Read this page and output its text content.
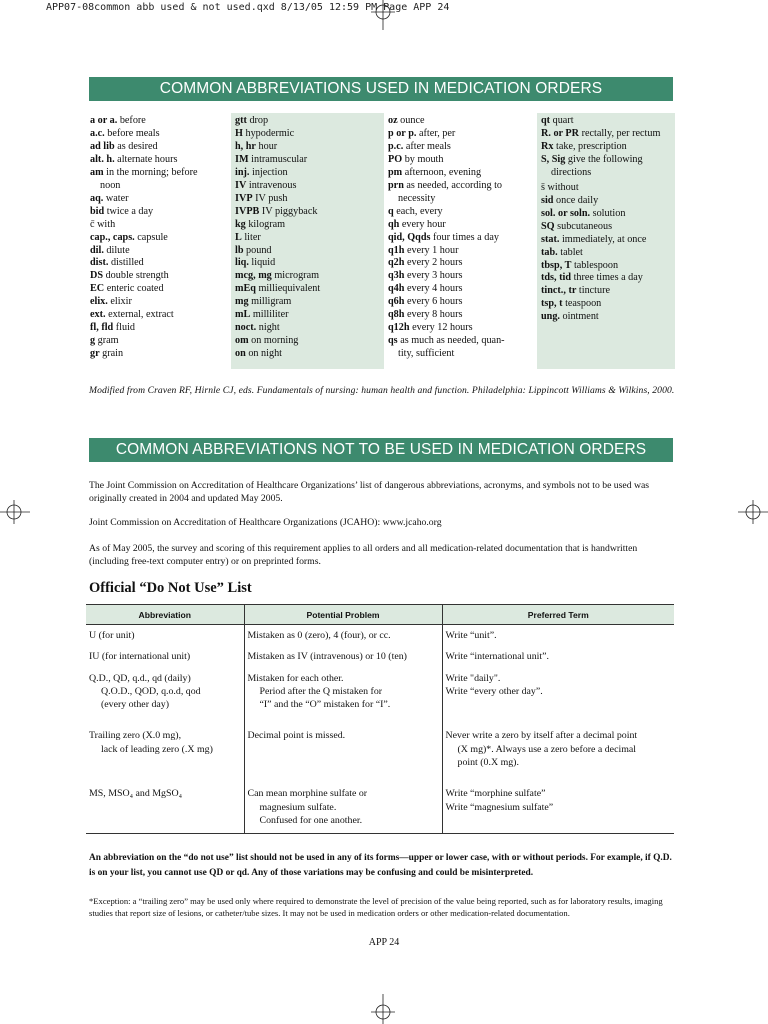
APP07-08common abb used & not used.qxd 8/13/05 12:59 PM Page APP 24
COMMON ABBREVIATIONS USED IN MEDICATION ORDERS
a or a. before
a.c. before meals
ad lib as desired
alt. h. alternate hours
am in the morning; before
noon
aq. water
bid twice a day
c̄ with
cap., caps. capsule
dil. dilute
dist. distilled
DS double strength
EC enteric coated
elix. elixir
ext. external, extract
fl, fld fluid
g gram
gr grain
gtt drop
H hypodermic
h, hr hour
IM intramuscular
inj. injection
IV intravenous
IVP IV push
IVPB IV piggyback
kg kilogram
L liter
lb pound
liq. liquid
mcg, mg microgram
mEq milliequivalent
mg milligram
mL milliliter
noct. night
om on morning
on on night
oz ounce
p or p. after, per
p.c. after meals
PO by mouth
pm afternoon, evening
prn as needed, according to
necessity
q each, every
qh every hour
qid, Qqds four times a day
q1h every 1 hour
q2h every 2 hours
q3h every 3 hours
q4h every 4 hours
q6h every 6 hours
q8h every 8 hours
q12h every 12 hours
qs as much as needed, quan-
tity, sufficient
qt quart
R. or PR rectally, per rectum
Rx take, prescription
S, Sig give the following
directions
s̄ without
sid once daily
sol. or soln. solution
SQ subcutaneous
stat. immediately, at once
tab. tablet
tbsp, T tablespoon
tds, tid three times a day
tinct., tr tincture
tsp, t teaspoon
ung. ointment
Modified from Craven RF, Hirnle CJ, eds. Fundamentals of nursing: human health and function. Philadelphia: Lippincott Williams & Wilkins, 2000.
COMMON ABBREVIATIONS NOT TO BE USED IN MEDICATION ORDERS
The Joint Commission on Accreditation of Healthcare Organizations’ list of dangerous abbreviations, acronyms, and symbols not to be used was originally created in 2004 and updated May 2005.
Joint Commission on Accreditation of Healthcare Organizations (JCAHO): www.jcaho.org
As of May 2005, the survey and scoring of this requirement applies to all orders and all medication-related documentation that is handwritten (including free-text computer entry) or on preprinted forms.
Official “Do Not Use” List
Abbreviation	Potential Problem	Preferred Term

U (for unit)	Mistaken as 0 (zero), 4 (four), or cc.	Write “unit”.

IU (for international unit)	Mistaken as IV (intravenous) or 10 (ten)	Write “international unit”.

Q.D., QD, q.d., qd (daily)
Q.O.D., QOD, q.o.d, qod
(every other day)	Mistaken for each other.
Period after the Q mistaken for
“I” and the “O” mistaken for “I”.	Write "daily".
Write “every other day”.

Trailing zero (X.0 mg),
lack of leading zero (.X mg)	Decimal point is missed.	Never write a zero by itself after a decimal point
(X mg)*. Always use a zero before a decimal
point (0.X mg).

MS, MSO₄ and MgSO₄	Can mean morphine sulfate or
magnesium sulfate.
Confused for one another.	Write “morphine sulfate”
Write “magnesium sulfate”
An abbreviation on the “do not use” list should not be used in any of its forms—upper or lower case, with or without periods. For example, if Q.D. is on your list, you cannot use QD or qd. Any of those variations may be confusing and could be misinterpreted.
*Exception: a “trailing zero” may be used only where required to demonstrate the level of precision of the value being reported, such as for laboratory results, imaging studies that report size of lesions, or catheter/tube sizes. It may not be used in medication orders or other medication-related documentation.
APP 24
